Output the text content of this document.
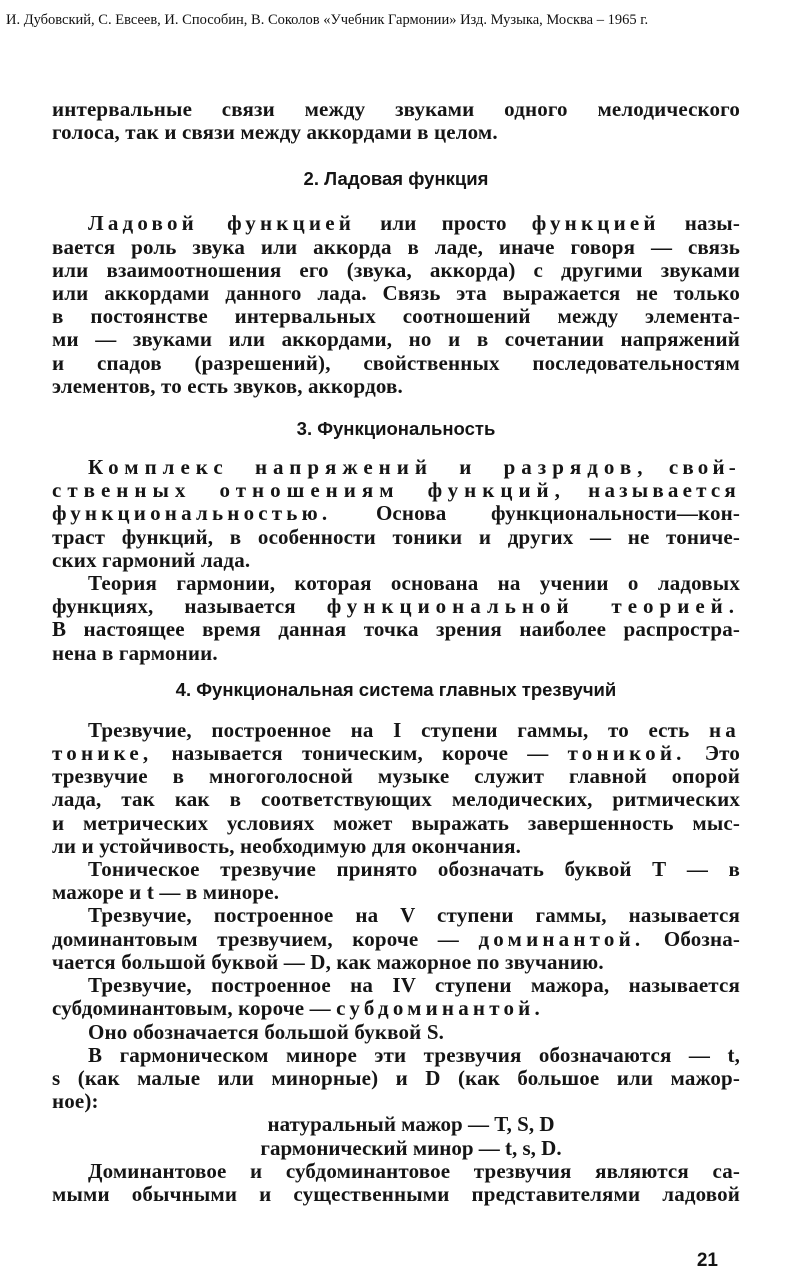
И. Дубовский, С. Евсеев, И. Способин, В. Соколов «Учебник Гармонии» Изд. Музыка, Москва – 1965 г.
интервальные связи между звуками одного мелодического
голоса, так и связи между аккордами в целом.
2. Ладовая функция
Ладовой функцией или просто функцией назы-
вается роль звука или аккорда в ладе, иначе говоря — связь
или взаимоотношения его (звука, аккорда) с другими звуками
или аккордами данного лада. Связь эта выражается не только
в постоянстве интервальных соотношений между элемента-
ми — звуками или аккордами, но и в сочетании напряжений
и спадов (разрешений), свойственных последовательностям
элементов, то есть звуков, аккордов.
3. Функциональность
Комплекс напряжений и разрядов, свой-
ственных отношениям функций, называется
функциональностью. Основа функциональности—кон-
траст функций, в особенности тоники и других — не тониче-
ских гармоний лада.
Теория гармонии, которая основана на учении о ладовых
функциях, называется функциональной теорией.
В настоящее время данная точка зрения наиболее распростра-
нена в гармонии.
4. Функциональная система главных трезвучий
Трезвучие, построенное на I ступени гаммы, то есть на
тонике, называется тоническим, короче — тоникой. Это
трезвучие в многоголосной музыке служит главной опорой
лада, так как в соответствующих мелодических, ритмических
и метрических условиях может выражать завершенность мыс-
ли и устойчивость, необходимую для окончания.
Тоническое трезвучие принято обозначать буквой Т — в
мажоре и t — в миноре.
Трезвучие, построенное на V ступени гаммы, называется
доминантовым трезвучием, короче — доминантой. Обозна-
чается большой буквой — D, как мажорное по звучанию.
Трезвучие, построенное на IV ступени мажора, называется
субдоминантовым, короче — субдоминантой.
Оно обозначается большой буквой S.
В гармоническом миноре эти трезвучия обозначаются — t,
s (как малые или минорные) и D (как большое или мажор-
ное):
натуральный мажор — T, S, D
гармонический минор — t, s, D.
Доминантовое и субдоминантовое трезвучия являются са-
мыми обычными и существенными представителями ладовой
21
